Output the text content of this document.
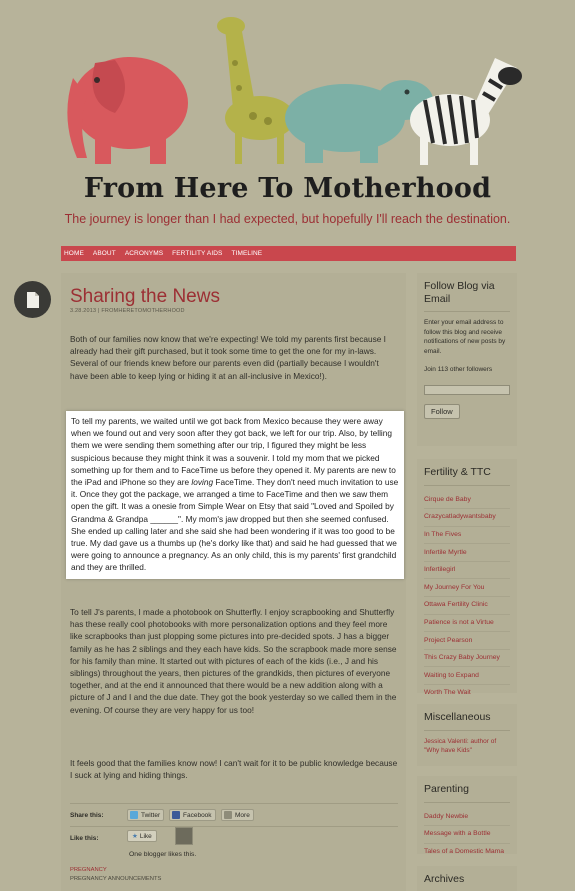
From Here To Motherhood
The journey is longer than I had expected, but hopefully I'll reach the destination.
HOME ABOUT ACRONYMS FERTILITY AIDS TIMELINE
Sharing the News
3.28.2013 | FROMHERETOMOTHERHOOD

Both of our families now know that we're expecting! We told my parents first because I already had their gift purchased, but it took some time to get the one for my in-laws. Several of our friends knew before our parents even did (partially because I wouldn't have been able to keep lying or hiding it at an all-inclusive in Mexico!).

To tell my parents, we waited until we got back from Mexico because they were away when we found out and very soon after they got back, we left for our trip. Also, by telling them we were sending them something after our trip, I figured they might be less suspicious because they might think it was a souvenir. I told my mom that we picked something up for them and to FaceTime us before they opened it. My parents are new to the iPad and iPhone so they are loving FaceTime. They don't need much invitation to use it. Once they got the package, we arranged a time to FaceTime and then we saw them open the gift. It was a onesie from Simple Wear on Etsy that said "Loved and Spoiled by Grandma & Grandpa ______". My mom's jaw dropped but then she seemed confused. She ended up calling later and she said she had been wondering if it was too good to be true. My dad gave us a thumbs up (he's dorky like that) and said he had guessed that we were going to announce a pregnancy. As an only child, this is my parents' first grandchild and they are thrilled.

To tell J's parents, I made a photobook on Shutterfly. I enjoy scrapbooking and Shutterfly has these really cool photobooks with more personalization options and they feel more like scrapbooks than just plopping some pictures into pre-decided spots. J has a bigger family as he has 2 siblings and they each have kids. So the scrapbook made more sense for his family than mine. It started out with pictures of each of the kids (i.e., J and his siblings) throughout the years, then pictures of the grandkids, then pictures of everyone together, and at the end it announced that there would be a new addition along with a picture of J and I and the due date. They got the book yesterday so we called them in the evening. Of course they are very happy for us too!

It feels good that the families know now! I can't wait for it to be public knowledge because I suck at lying and hiding things.

Share this:	Twitter	Facebook	More
Like this:	★ Like
One blogger likes this.
PREGNANCY
PREGNANCY ANNOUNCEMENTS
Follow Blog via Email

Enter your email address to follow this blog and receive notifications of new posts by email.

Join 113 other followers

Follow
Fertility & TTC
Cirque de Baby
Crazycatladywantsbaby
In The Fives
Infertile Myrtle
Infertilegirl
My Journey For You
Ottawa Fertility Clinic
Patience is not a Virtue
Project Pearson
This Crazy Baby Journey
Waiting to Expand
Worth The Wait
Miscellaneous

Jessica Valenti: author of "Why have Kids"

Parenting
Daddy Newbie
Message with a Bottle
Tales of a Domestic Mama
Archives
